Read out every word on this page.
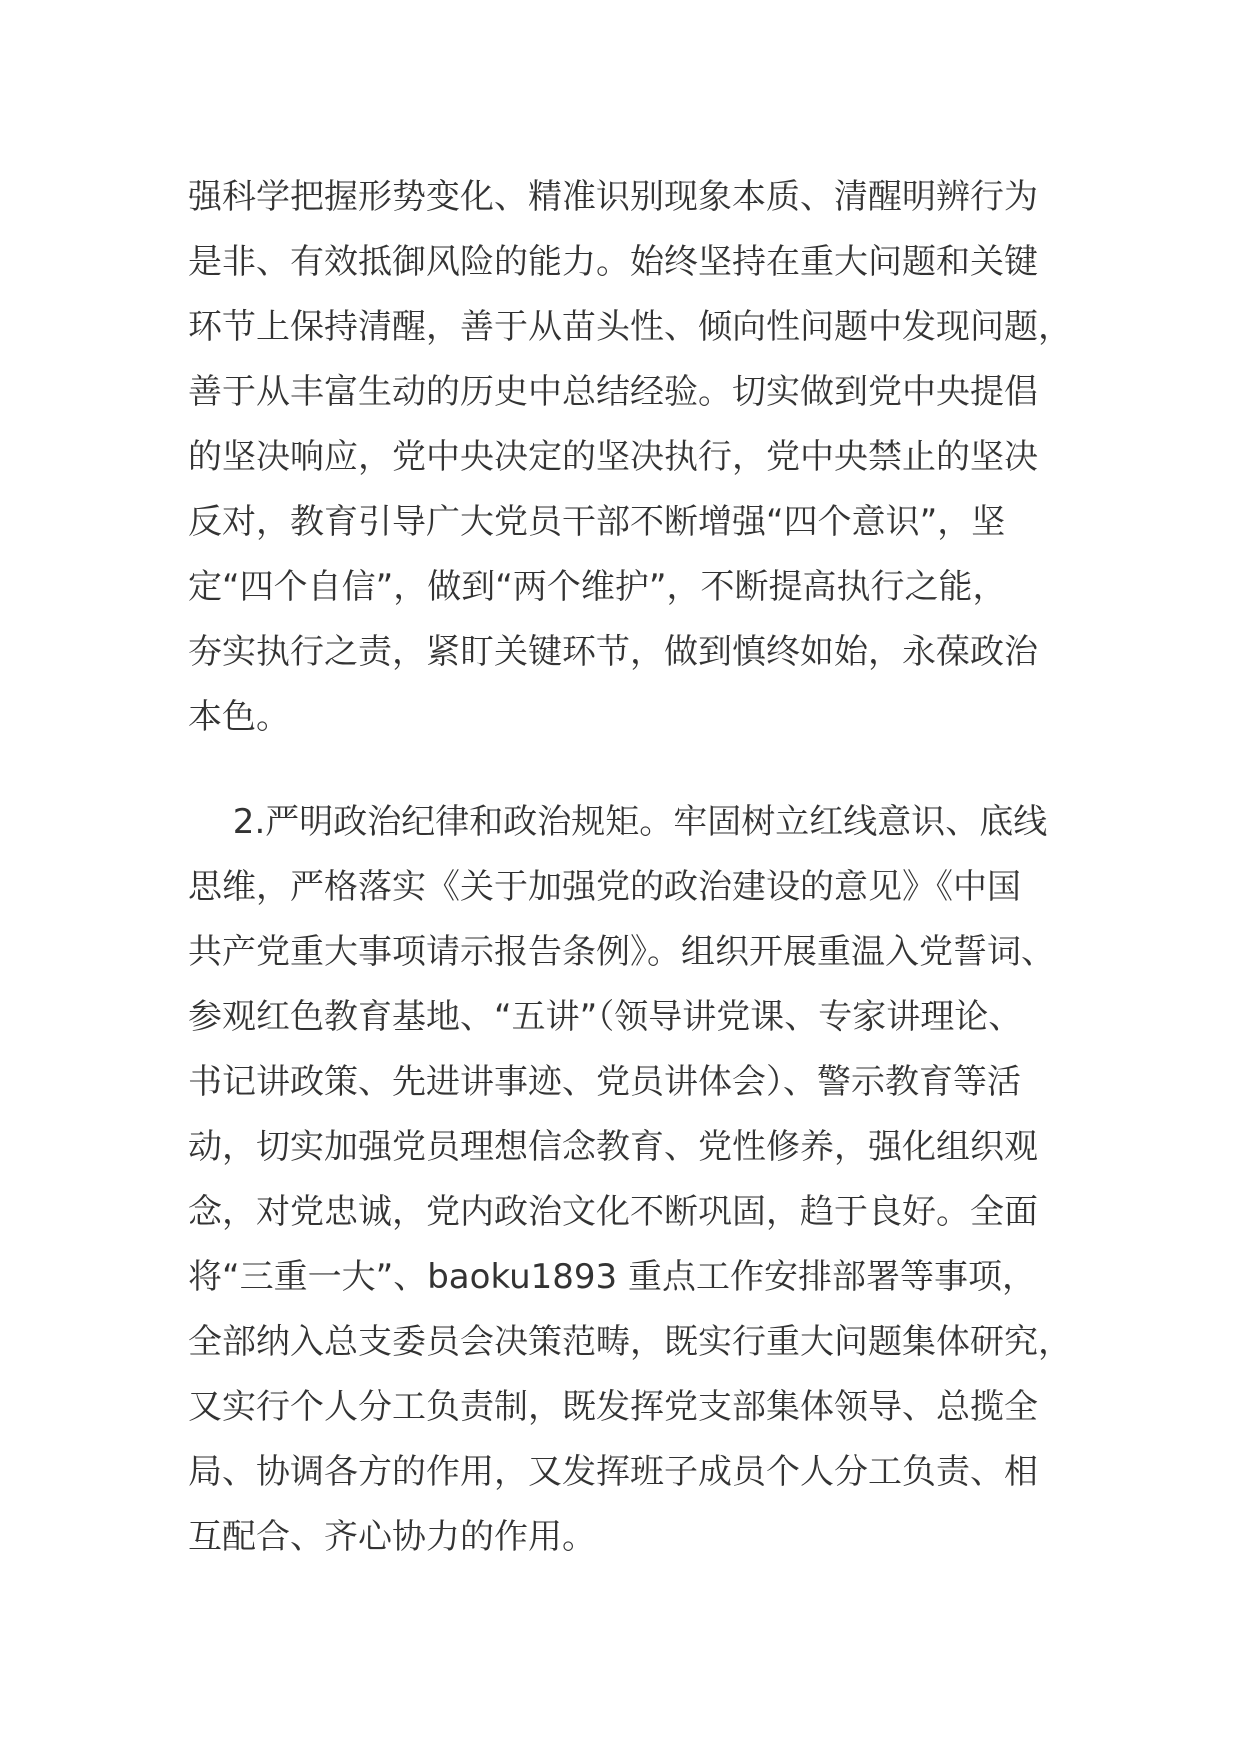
强科学把握形势变化、精准识别现象本质、清醒明辨行为
是非、有效抵御风险的能力。始终坚持在重大问题和关键
环节上保持清醒，善于从苗头性、倾向性问题中发现问题，
善于从丰富生动的历史中总结经验。切实做到党中央提倡
的坚决响应，党中央决定的坚决执行，党中央禁止的坚决
反对，教育引导广大党员干部不断增强“四个意识”，坚
定“四个自信”，做到“两个维护”，不断提高执行之能，
夯实执行之责，紧盯关键环节，做到慎终如始，永葆政治
本色。

　 2.严明政治纪律和政治规矩。牢固树立红线意识、底线
思维，严格落实《关于加强党的政治建设的意见》《中国
共产党重大事项请示报告条例》。组织开展重温入党誓词、
参观红色教育基地、“五讲”（领导讲党课、专家讲理论、
书记讲政策、先进讲事迹、党员讲体会）、警示教育等活
动，切实加强党员理想信念教育、党性修养，强化组织观
念，对党忠诚，党内政治文化不断巩固，趋于良好。全面
将“三重一大”、baoku1893 重点工作安排部署等事项，
全部纳入总支委员会决策范畴，既实行重大问题集体研究，
又实行个人分工负责制，既发挥党支部集体领导、总揽全
局、协调各方的作用，又发挥班子成员个人分工负责、相
互配合、齐心协力的作用。
